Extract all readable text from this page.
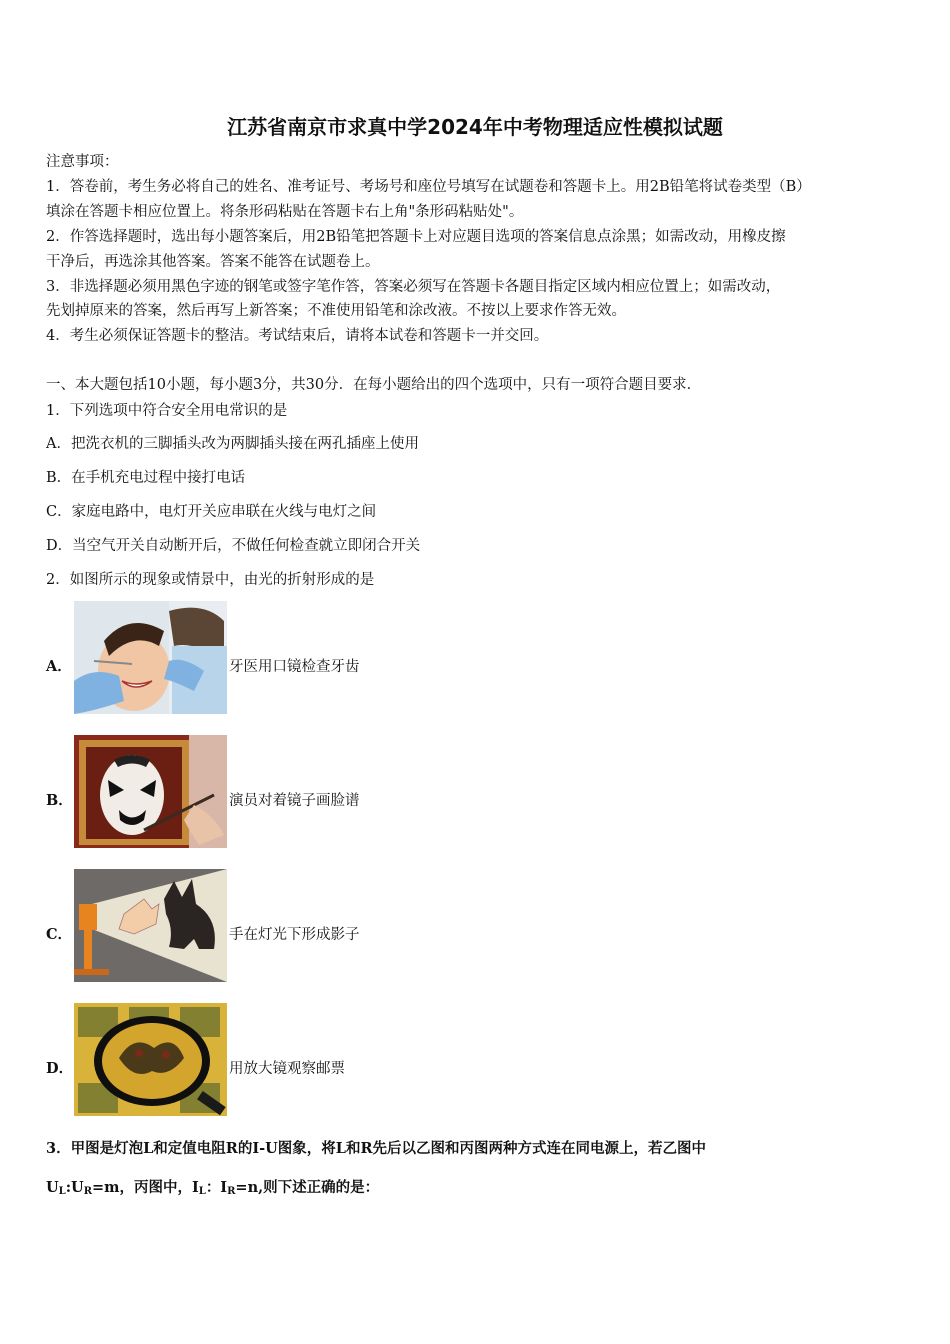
江苏省南京市求真中学2024年中考物理适应性模拟试题
注意事项：
1．答卷前，考生务必将自己的姓名、准考证号、考场号和座位号填写在试题卷和答题卡上。用2B铅笔将试卷类型（B）
填涂在答题卡相应位置上。将条形码粘贴在答题卡右上角"条形码粘贴处"。
2．作答选择题时，选出每小题答案后，用2B铅笔把答题卡上对应题目选项的答案信息点涂黑；如需改动，用橡皮擦
干净后，再选涂其他答案。答案不能答在试题卷上。
3．非选择题必须用黑色字迹的钢笔或签字笔作答，答案必须写在答题卡各题目指定区域内相应位置上；如需改动，
先划掉原来的答案，然后再写上新答案；不准使用铅笔和涂改液。不按以上要求作答无效。
4．考生必须保证答题卡的整洁。考试结束后，请将本试卷和答题卡一并交回。
一、本大题包括10小题，每小题3分，共30分．在每小题给出的四个选项中，只有一项符合题目要求．
1．下列选项中符合安全用电常识的是
A．把洗衣机的三脚插头改为两脚插头接在两孔插座上使用
B．在手机充电过程中接打电话
C．家庭电路中，电灯开关应串联在火线与电灯之间
D．当空气开关自动断开后，不做任何检查就立即闭合开关
2．如图所示的现象或情景中，由光的折射形成的是
A．	牙医用口镜检查牙齿
B．	演员对着镜子画脸谱
C．	手在灯光下形成影子
D．	用放大镜观察邮票
3．甲图是灯泡L和定值电阻R的I-U图象，将L和R先后以乙图和丙图两种方式连在同电源上，若乙图中
$U_L:U_R=m$，丙图中，$I_L$：$I_R=n$,则下述正确的是：
